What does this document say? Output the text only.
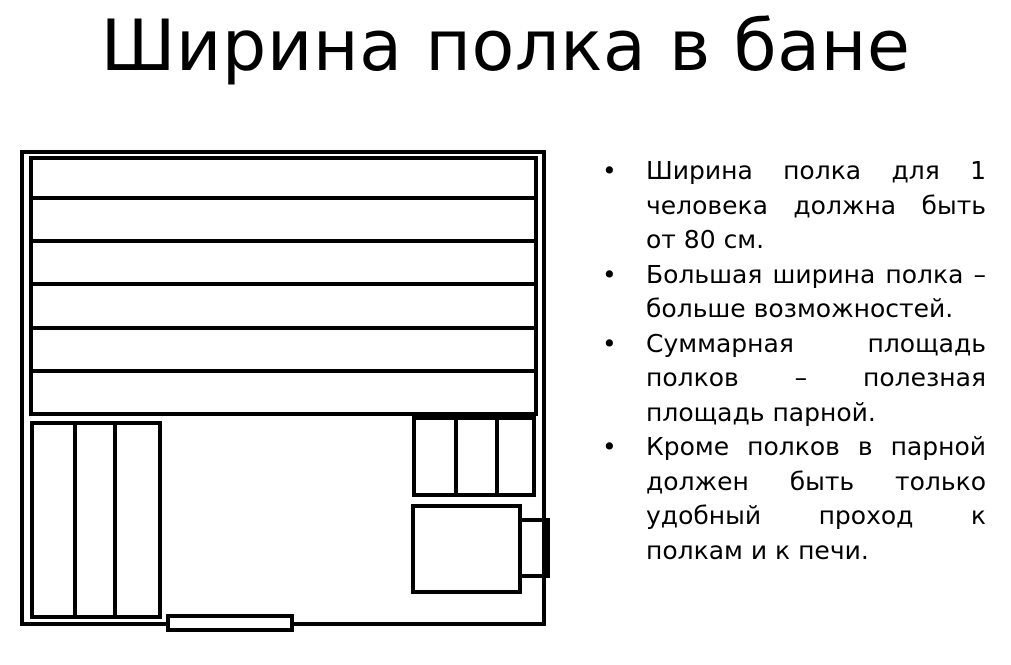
Ширина полка в бане
• Ширина полка для 1 человека должна быть от 80 см.
• Большая ширина полка – больше возможностей.
• Суммарная площадь полков – полезная площадь парной.
• Кроме полков в парной должен быть только удобный проход к полкам и к печи.
